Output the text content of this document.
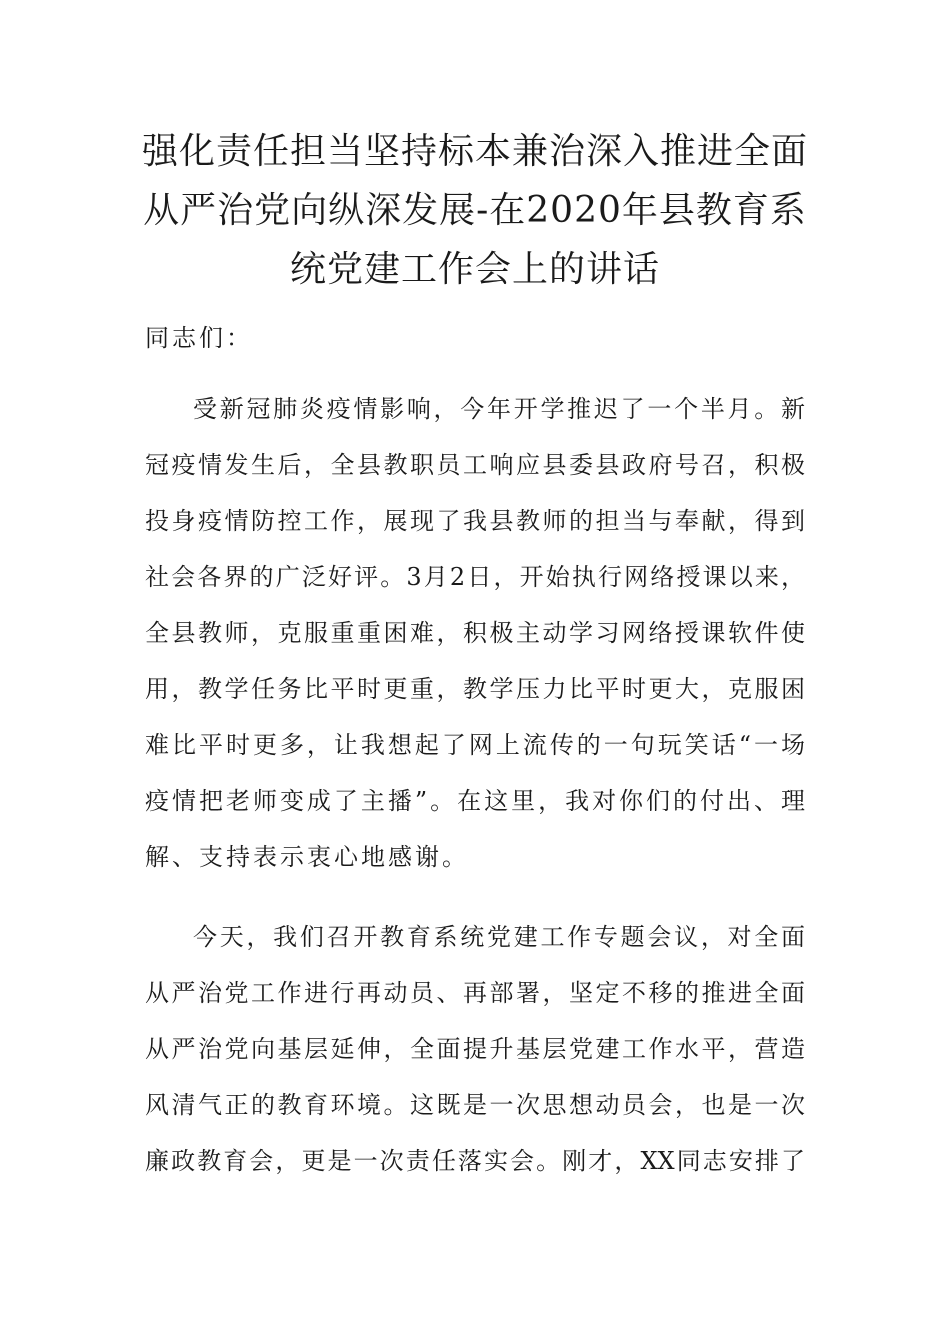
强化责任担当坚持标本兼治深入推进全面
从严治党向纵深发展-在2020年县教育系
统党建工作会上的讲话

同志们：

受新冠肺炎疫情影响，今年开学推迟了一个半月。新

冠疫情发生后，全县教职员工响应县委县政府号召，积极

投身疫情防控工作，展现了我县教师的担当与奉献，得到

社会各界的广泛好评。3月2日，开始执行网络授课以来，

全县教师，克服重重困难，积极主动学习网络授课软件使

用，教学任务比平时更重，教学压力比平时更大，克服困

难比平时更多，让我想起了网上流传的一句玩笑话“一场

疫情把老师变成了主播”。在这里，我对你们的付出、理

解、支持表示衷心地感谢。

今天，我们召开教育系统党建工作专题会议，对全面

从严治党工作进行再动员、再部署，坚定不移的推进全面

从严治党向基层延伸，全面提升基层党建工作水平，营造

风清气正的教育环境。这既是一次思想动员会，也是一次

廉政教育会，更是一次责任落实会。刚才，XX同志安排了
